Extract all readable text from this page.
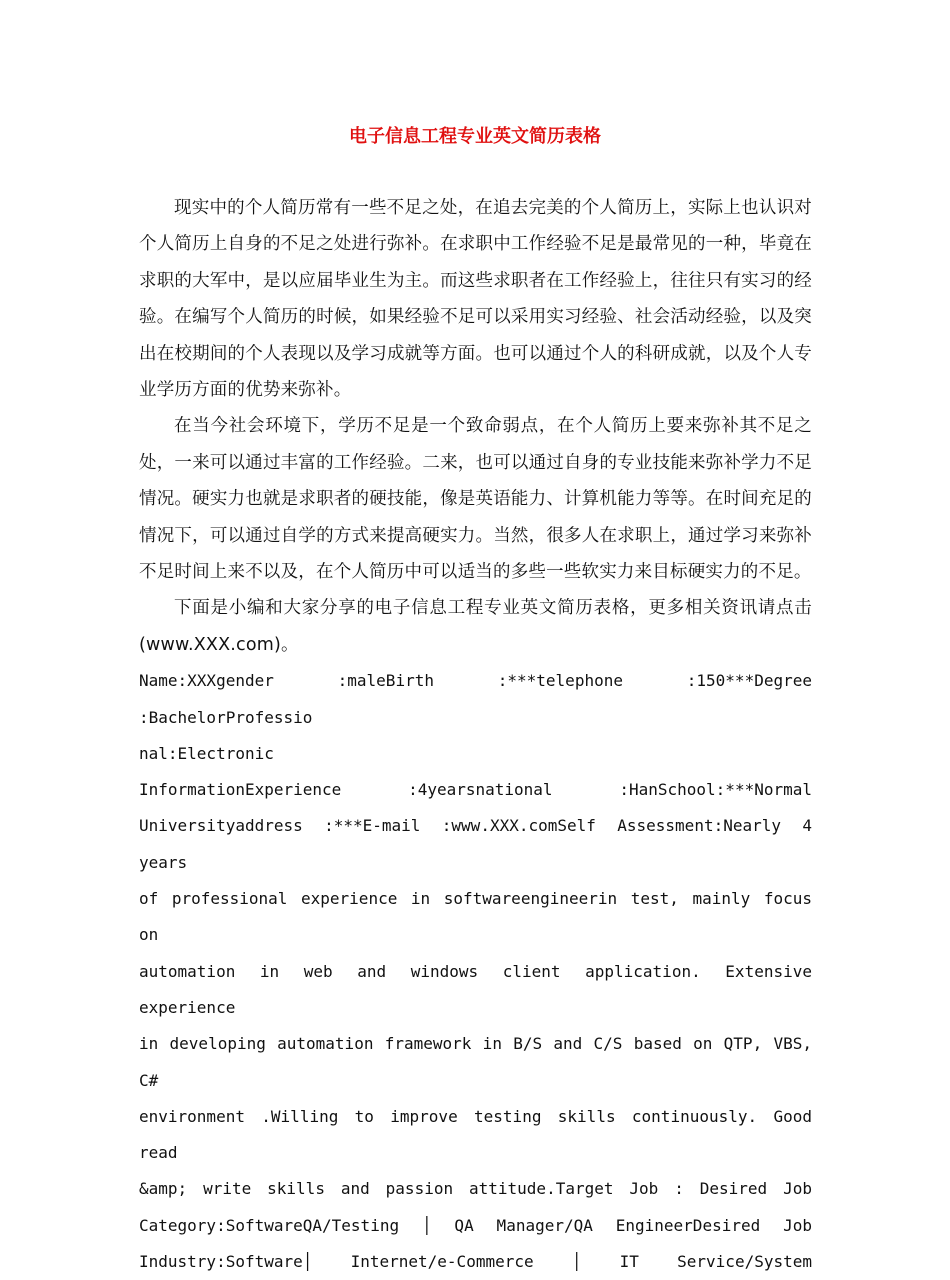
电子信息工程专业英文简历表格

现实中的个人简历常有一些不足之处，在追去完美的个人简历上，实际上也认识对个人简历上自身的不足之处进行弥补。在求职中工作经验不足是最常见的一种，毕竟在求职的大军中，是以应届毕业生为主。而这些求职者在工作经验上，往往只有实习的经验。在编写个人简历的时候，如果经验不足可以采用实习经验、社会活动经验，以及突出在校期间的个人表现以及学习成就等方面。也可以通过个人的科研成就，以及个人专业学历方面的优势来弥补。

在当今社会环境下，学历不足是一个致命弱点，在个人简历上要来弥补其不足之处，一来可以通过丰富的工作经验。二来，也可以通过自身的专业技能来弥补学力不足情况。硬实力也就是求职者的硬技能，像是英语能力、计算机能力等等。在时间充足的情况下，可以通过自学的方式来提高硬实力。当然，很多人在求职上，通过学习来弥补不足时间上来不以及，在个人简历中可以适当的多些一些软实力来目标硬实力的不足。

下面是小编和大家分享的电子信息工程专业英文简历表格，更多相关资讯请点击(www.XXX.com)。

Name:XXXgender :maleBirth :***telephone :150***Degree :BachelorProfessio

nal:Electronic

InformationExperience :4yearsnational :HanSchool:***Normal

Universityaddress :***E-mail :www.XXX.comSelf Assessment:Nearly 4 years

of professional experience in softwareengineerin test, mainly focus on

automation in web and windows client application. Extensive experience

in developing automation framework in B/S and C/S based on QTP, VBS, C#

environment .Willing to improve testing skills continuously. Good read

&amp; write skills and passion attitude.Target Job : Desired Job

Category:SoftwareQA/Testing │ QA Manager/QA EngineerDesired Job

Industry:Software│ Internet/e-Commerce │ IT Service/System
